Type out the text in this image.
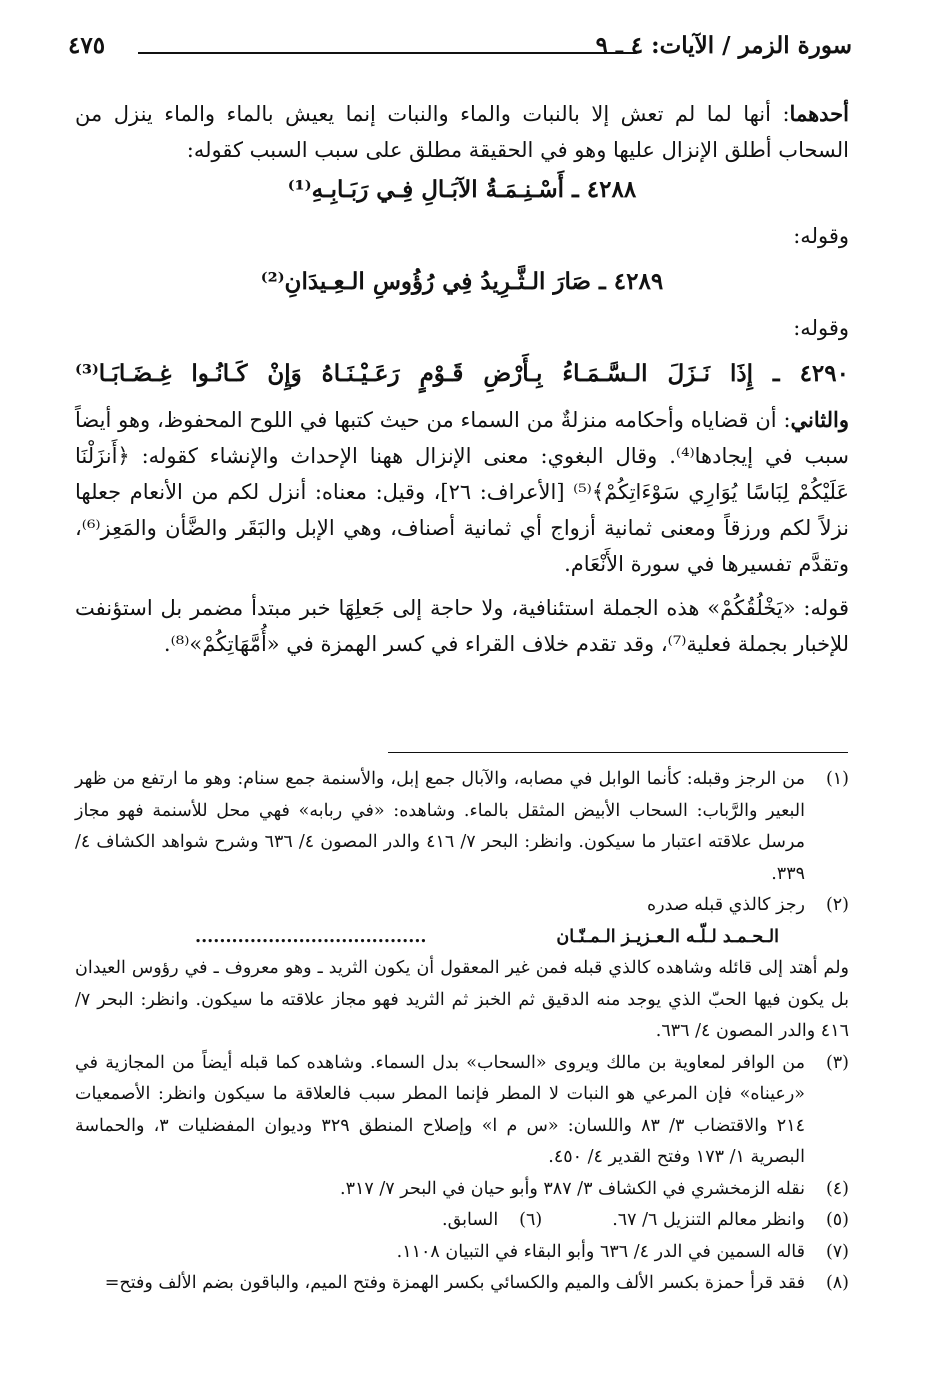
سورة الزمر / الآيات: ٤ ـ ٩
٤٧٥

أحدهما: أنها لما لم تعش إلا بالنبات والماء والنبات إنما يعيش بالماء والماء ينزل من السحاب أطلق الإنزال عليها وهو في الحقيقة مطلق على سبب السبب كقوله:

٤٢٨٨ ـ أَسْـنِـمَـةُ الآبَـالِ فِـي رَبَـابِـهِ⁽¹⁾
وقوله:
٤٢٨٩ ـ صَارَ الـثَّـرِيدُ فِي رُؤُوسِ الـعِـيدَانِ⁽²⁾
وقوله:
٤٢٩٠ ـ إِذَا نَـزَلَ الـسَّـمَـاءُ بِـأَرْضِ قَـوْمٍ رَعَـيْـنَـاهُ وَإِنْ كَـانُـوا غِـضَـابَـا⁽³⁾

والثاني: أن قضاياه وأحكامه منزلةٌ من السماء من حيث كتبها في اللوح المحفوظ، وهو أيضاً سبب في إيجادها⁽⁴⁾. وقال البغوي: معنى الإنزال ههنا الإحداث والإنشاء كقوله: ﴿أَنزَلْنَا عَلَيْكُمْ لِبَاسًا يُوَارِي سَوْءَاتِكُمْ﴾⁽⁵⁾ [الأعراف: ٢٦]، وقيل: معناه: أنزل لكم من الأنعام جعلها نزلاً لكم ورزقاً ومعنى ثمانية أزواج أي ثمانية أصناف، وهي الإبل والبَقَر والضَّأن والمَعِز⁽⁶⁾، وتقدَّم تفسيرها في سورة الأَنْعَام.

قوله: «يَخْلُقُكُمْ» هذه الجملة استئنافية، ولا حاجة إلى جَعلِهَا خبر مبتدأ مضمر بل استؤنفت للإخبار بجملة فعلية⁽⁷⁾، وقد تقدم خلاف القراء في كسر الهمزة في «أُمَّهَاتِكُمْ»⁽⁸⁾.

(١)
من الرجز وقبله: كأنما الوابل في مصابه، والآبال جمع إبل، والأسنمة جمع سنام: وهو ما ارتفع من ظهر البعير والرَّباب: السحاب الأبيض المثقل بالماء. وشاهده: «في ربابه» فهي محل للأسنمة فهو مجاز مرسل علاقته اعتبار ما سيكون. وانظر: البحر ٧/ ٤١٦ والدر المصون ٤/ ٦٣٦ وشرح شواهد الكشاف ٤/ ٣٣٩.
(٢)
رجز كالذي قبله صدره
الـحـمـد لـلّـه الـعـزيـز الـمـنّـان
......................................
ولم أهتد إلى قائله وشاهده كالذي قبله فمن غير المعقول أن يكون الثريد ـ وهو معروف ـ في رؤوس العيدان بل يكون فيها الحبّ الذي يوجد منه الدقيق ثم الخبز ثم الثريد فهو مجاز علاقته ما سيكون. وانظر: البحر ٧/ ٤١٦ والدر المصون ٤/ ٦٣٦.
(٣)
من الوافر لمعاوية بن مالك ويروى «السحاب» بدل السماء. وشاهده كما قبله أيضاً من المجازية في «رعيناه» فإن المرعي هو النبات لا المطر فإنما المطر سبب فالعلاقة ما سيكون وانظر: الأصمعيات ٢١٤ والاقتضاب ٣/ ٨٣ واللسان: «س م ا» وإصلاح المنطق ٣٢٩ وديوان المفضليات ٣، والحماسة البصرية ١/ ١٧٣ وفتح القدير ٤/ ٤٥٠.
(٤)
نقله الزمخشري في الكشاف ٣/ ٣٨٧ وأبو حيان في البحر ٧/ ٣١٧.
(٥)
وانظر معالم التنزيل ٦/ ٦٧.
(٦)
السابق.
(٧)
قاله السمين في الدر ٤/ ٦٣٦ وأبو البقاء في التبيان ١١٠٨.
(٨)
فقد قرأ حمزة بكسر الألف والميم والكسائي بكسر الهمزة وفتح الميم، والباقون بضم الألف وفتح=
